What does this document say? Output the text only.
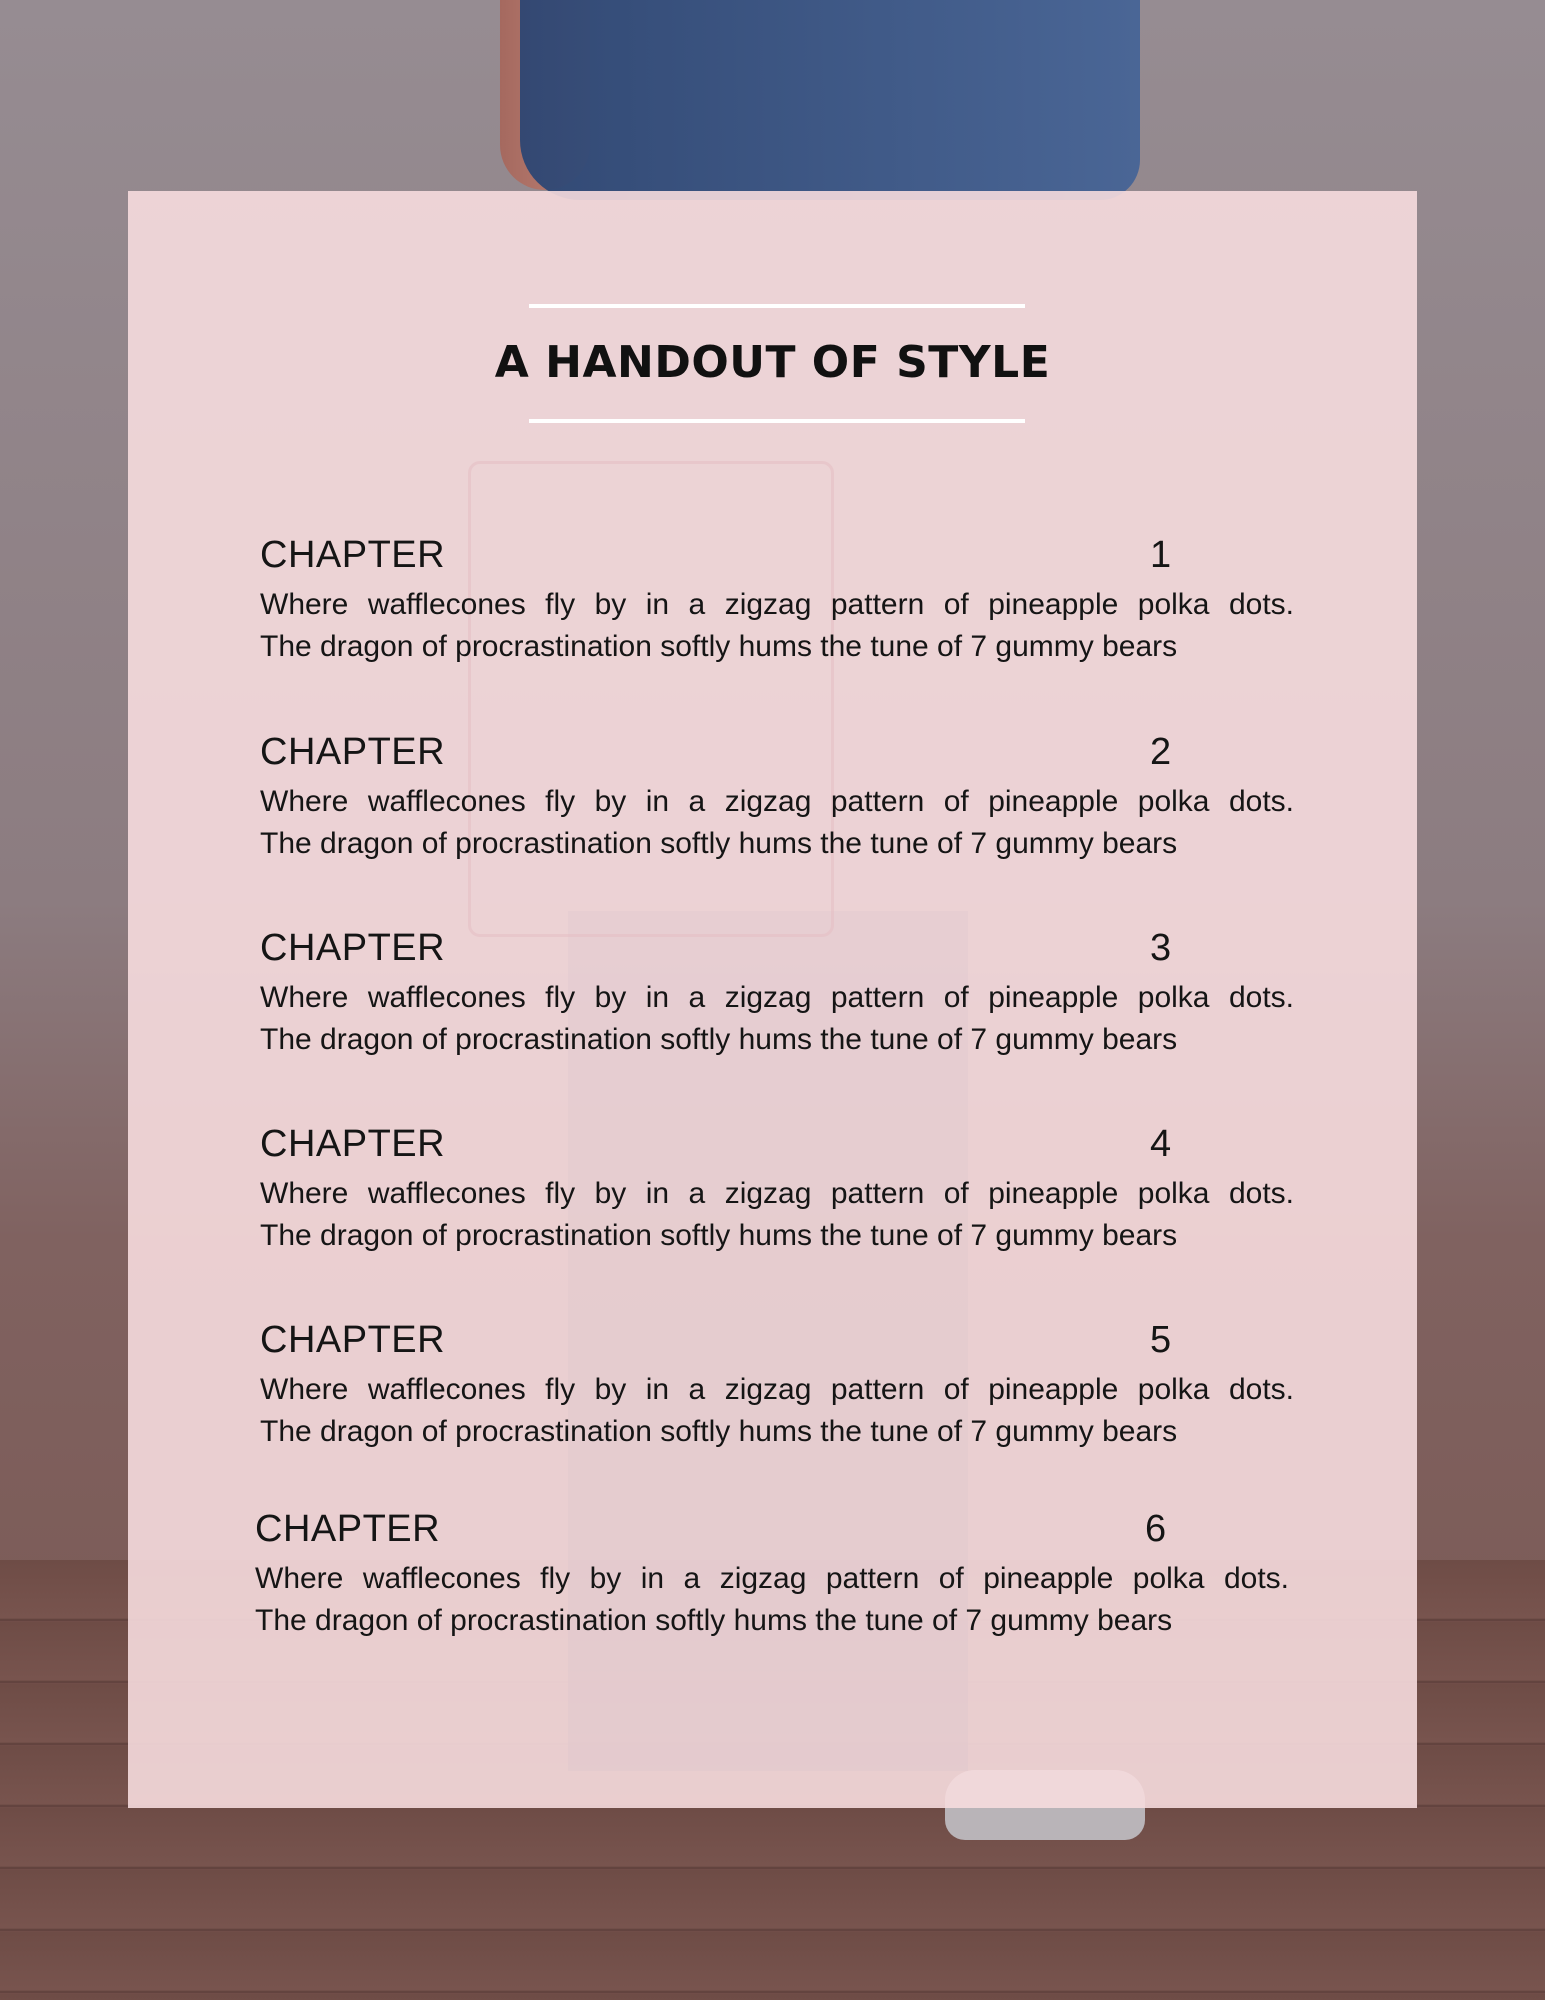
A HANDOUT OF STYLE
CHAPTER	1
Where wafflecones fly by in a zigzag pattern of pineapple polka dots.
The dragon of procrastination softly hums the tune of 7 gummy bears
CHAPTER	2
Where wafflecones fly by in a zigzag pattern of pineapple polka dots.
The dragon of procrastination softly hums the tune of 7 gummy bears
CHAPTER	3
Where wafflecones fly by in a zigzag pattern of pineapple polka dots.
The dragon of procrastination softly hums the tune of 7 gummy bears
CHAPTER	4
Where wafflecones fly by in a zigzag pattern of pineapple polka dots.
The dragon of procrastination softly hums the tune of 7 gummy bears
CHAPTER	5
Where wafflecones fly by in a zigzag pattern of pineapple polka dots.
The dragon of procrastination softly hums the tune of 7 gummy bears
CHAPTER	6
Where wafflecones fly by in a zigzag pattern of pineapple polka dots.
The dragon of procrastination softly hums the tune of 7 gummy bears
